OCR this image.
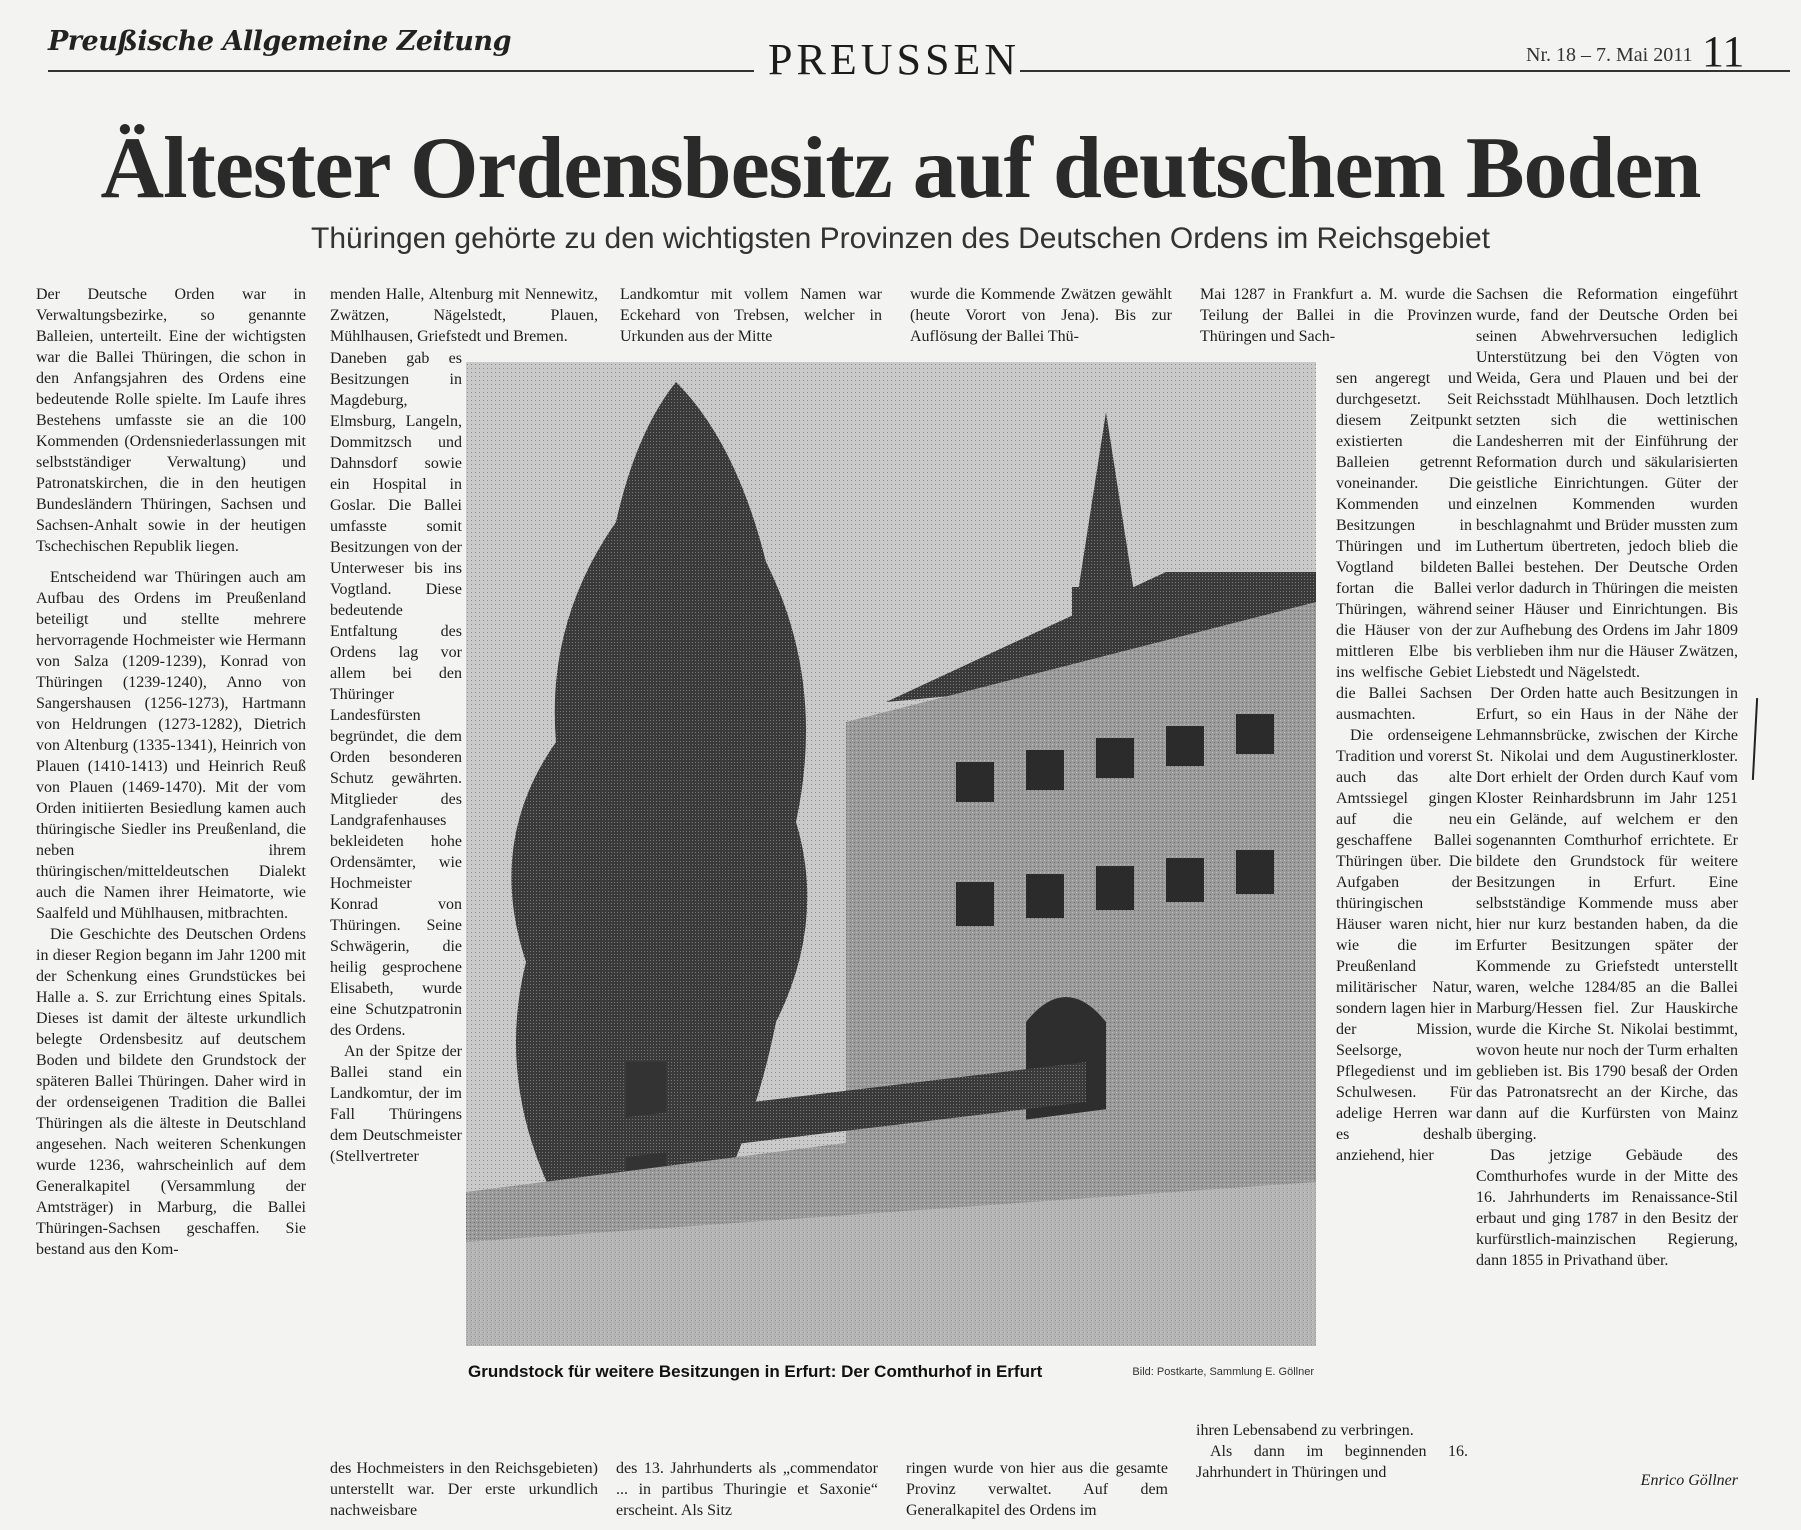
Preußische Allgemeine Zeitung	PREUSSEN	Nr. 18 – 7. Mai 2011 11
Ältester Ordensbesitz auf deutschem Boden
Thüringen gehörte zu den wichtigsten Provinzen des Deutschen Ordens im Reichsgebiet

Der Deutsche Orden war in Verwaltungsbezirke, so genannte Balleien, unterteilt. Eine der wichtigsten war die Ballei Thüringen, die schon in den Anfangsjahren des Ordens eine bedeutende Rolle spielte. Im Laufe ihres Bestehens umfasste sie an die 100 Kommenden (Ordensniederlassungen mit selbstständiger Verwaltung) und Patronatskirchen, die in den heutigen Bundesländern Thüringen, Sachsen und Sachsen-Anhalt sowie in der heutigen Tschechischen Republik liegen.

Entscheidend war Thüringen auch am Aufbau des Ordens im Preußenland beteiligt und stellte mehrere hervorragende Hochmeister wie Hermann von Salza (1209-1239), Konrad von Thüringen (1239-1240), Anno von Sangershausen (1256-1273), Hartmann von Heldrungen (1273-1282), Dietrich von Altenburg (1335-1341), Heinrich von Plauen (1410-1413) und Heinrich Reuß von Plauen (1469-1470). Mit der vom Orden initiierten Besiedlung kamen auch thüringische Siedler ins Preußenland, die neben ihrem thüringischen/mitteldeutschen Dialekt auch die Namen ihrer Heimatorte, wie Saalfeld und Mühlhausen, mitbrachten.

Die Geschichte des Deutschen Ordens in dieser Region begann im Jahr 1200 mit der Schenkung eines Grundstückes bei Halle a. S. zur Errichtung eines Spitals. Dieses ist damit der älteste urkundlich belegte Ordensbesitz auf deutschem Boden und bildete den Grundstock der späteren Ballei Thüringen. Daher wird in der ordenseigenen Tradition die Ballei Thüringen als die älteste in Deutschland angesehen. Nach weiteren Schenkungen wurde 1236, wahrscheinlich auf dem Generalkapitel (Versammlung der Amtsträger) in Marburg, die Ballei Thüringen-Sachsen geschaffen. Sie bestand aus den Kom-

menden Halle, Altenburg mit Nennewitz, Zwätzen, Nägelstedt, Plauen, Mühlhausen, Griefstedt und Bremen.

Daneben gab es Besitzungen in Magdeburg, Elmsburg, Langeln, Dommitzsch und Dahnsdorf sowie ein Hospital in Goslar. Die Ballei umfasste somit Besitzungen von der Unterweser bis ins Vogtland. Diese bedeutende Entfaltung des Ordens lag vor allem bei den Thüringer Landesfürsten begründet, die dem Orden besonderen Schutz gewährten. Mitglieder des Landgrafenhauses bekleideten hohe Ordensämter, wie Hochmeister Konrad von Thüringen. Seine Schwägerin, die heilig gesprochene Elisabeth, wurde eine Schutzpatronin des Ordens.

An der Spitze der Ballei stand ein Landkomtur, der im Fall Thüringens dem Deutschmeister (Stellvertreter

Landkomtur mit vollem Namen war Eckehard von Trebsen, welcher in Urkunden aus der Mitte

wurde die Kommende Zwätzen gewählt (heute Vorort von Jena). Bis zur Auflösung der Ballei Thü-

Mai 1287 in Frankfurt a. M. wurde die Teilung der Ballei in die Provinzen Thüringen und Sach-

sen angeregt und durchgesetzt. Seit diesem Zeitpunkt existierten die Balleien getrennt voneinander. Die Kommenden und Besitzungen in Thüringen und im Vogtland bildeten fortan die Ballei Thüringen, während die Häuser von der mittleren Elbe bis ins welfische Gebiet die Ballei Sachsen ausmachten.

Die ordenseigene Tradition und vorerst auch das alte Amtssiegel gingen auf die neu geschaffene Ballei Thüringen über. Die Aufgaben der thüringischen Häuser waren nicht, wie die im Preußenland militärischer Natur, sondern lagen hier in der Mission, Seelsorge, Pflegedienst und im Schulwesen. Für adelige Herren war es deshalb anziehend, hier

Sachsen die Reformation eingeführt wurde, fand der Deutsche Orden bei seinen Abwehrversuchen lediglich Unterstützung bei den Vögten von Weida, Gera und Plauen und bei der Reichsstadt Mühlhausen. Doch letztlich setzten sich die wettinischen Landesherren mit der Einführung der Reformation durch und säkularisierten geistliche Einrichtungen. Güter der einzelnen Kommenden wurden beschlagnahmt und Brüder mussten zum Luthertum übertreten, jedoch blieb die Ballei bestehen. Der Deutsche Orden verlor dadurch in Thüringen die meisten seiner Häuser und Einrichtungen. Bis zur Aufhebung des Ordens im Jahr 1809 verblieben ihm nur die Häuser Zwätzen, Liebstedt und Nägelstedt.

Der Orden hatte auch Besitzungen in Erfurt, so ein Haus in der Nähe der Lehmannsbrücke, zwischen der Kirche St. Nikolai und dem Augustinerkloster. Dort erhielt der Orden durch Kauf vom Kloster Reinhardsbrunn im Jahr 1251 ein Gelände, auf welchem er den sogenannten Comthurhof errichtete. Er bildete den Grundstock für weitere Besitzungen in Erfurt. Eine selbstständige Kommende muss aber hier nur kurz bestanden haben, da die Erfurter Besitzungen später der Kommende zu Griefstedt unterstellt waren, welche 1284/85 an die Ballei Marburg/Hessen fiel. Zur Hauskirche wurde die Kirche St. Nikolai bestimmt, wovon heute nur noch der Turm erhalten geblieben ist. Bis 1790 besaß der Orden das Patronatsrecht an der Kirche, das dann auf die Kurfürsten von Mainz überging.

Das jetzige Gebäude des Comthurhofes wurde in der Mitte des 16. Jahrhunderts im Renaissance-Stil erbaut und ging 1787 in den Besitz der kurfürstlich-mainzischen Regierung, dann 1855 in Privathand über.

des Hochmeisters in den Reichsgebieten) unterstellt war. Der erste urkundlich nachweisbare

des 13. Jahrhunderts als „commendator ... in partibus Thuringie et Saxonie“ erscheint. Als Sitz

ringen wurde von hier aus die gesamte Provinz verwaltet. Auf dem Generalkapitel des Ordens im

ihren Lebensabend zu verbringen.

Als dann im beginnenden 16. Jahrhundert in Thüringen und	Enrico Göllner
Grundstock für weitere Besitzungen in Erfurt: Der Comthurhof in Erfurt	Bild: Postkarte, Sammlung E. Göllner
